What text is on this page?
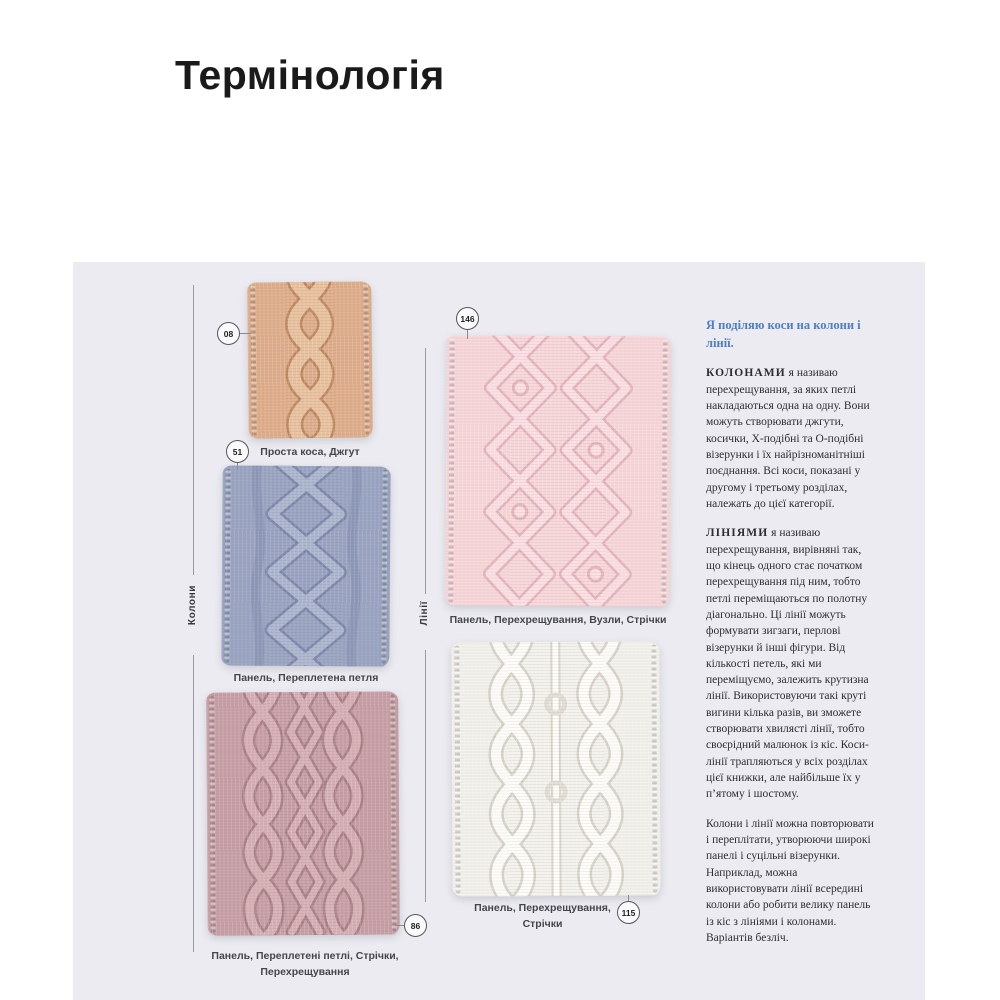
Термінологія
Колони	Лінії
08
51
146
86
115
Проста коса, Джгут
Панель, Переплетена петля
Панель, Переплетені петлі, Стрічки, Перехрещування
Панель, Перехрещування, Вузли, Стрічки
Панель, Перехрещування, Стрічки

Я поділяю коси на колони і лінії.

КОЛОНАМИ я називаю перехрещування, за яких петлі накладаються одна на одну. Вони можуть створювати джгути, косички, X-подібні та О-подібні візерунки і їх найрізноманітніші поєднання. Всі коси, показані у другому і третьому розділах, належать до цієї категорії.

ЛІНІЯМИ я називаю перехрещування, вирівняні так, що кінець одного стає початком перехрещування під ним, тобто петлі переміщаються по полотну діагонально. Ці лінії можуть формувати зигзаги, перлові візерунки й інші фігури. Від кількості петель, які ми переміщуємо, залежить крутизна лінії. Використовуючи такі круті вигини кілька разів, ви зможете створювати хвилясті лінії, тобто своєрідний малюнок із кіс. Коси-лінії трапляються у всіх розділах цієї книжки, але найбільше їх у п’ятому і шостому.

Колони і лінії можна повторювати і переплітати, утворюючи широкі панелі і суцільні візерунки. Наприклад, можна використовувати лінії всередині колони або робити велику панель із кіс з лініями і колонами. Варіантів безліч.
